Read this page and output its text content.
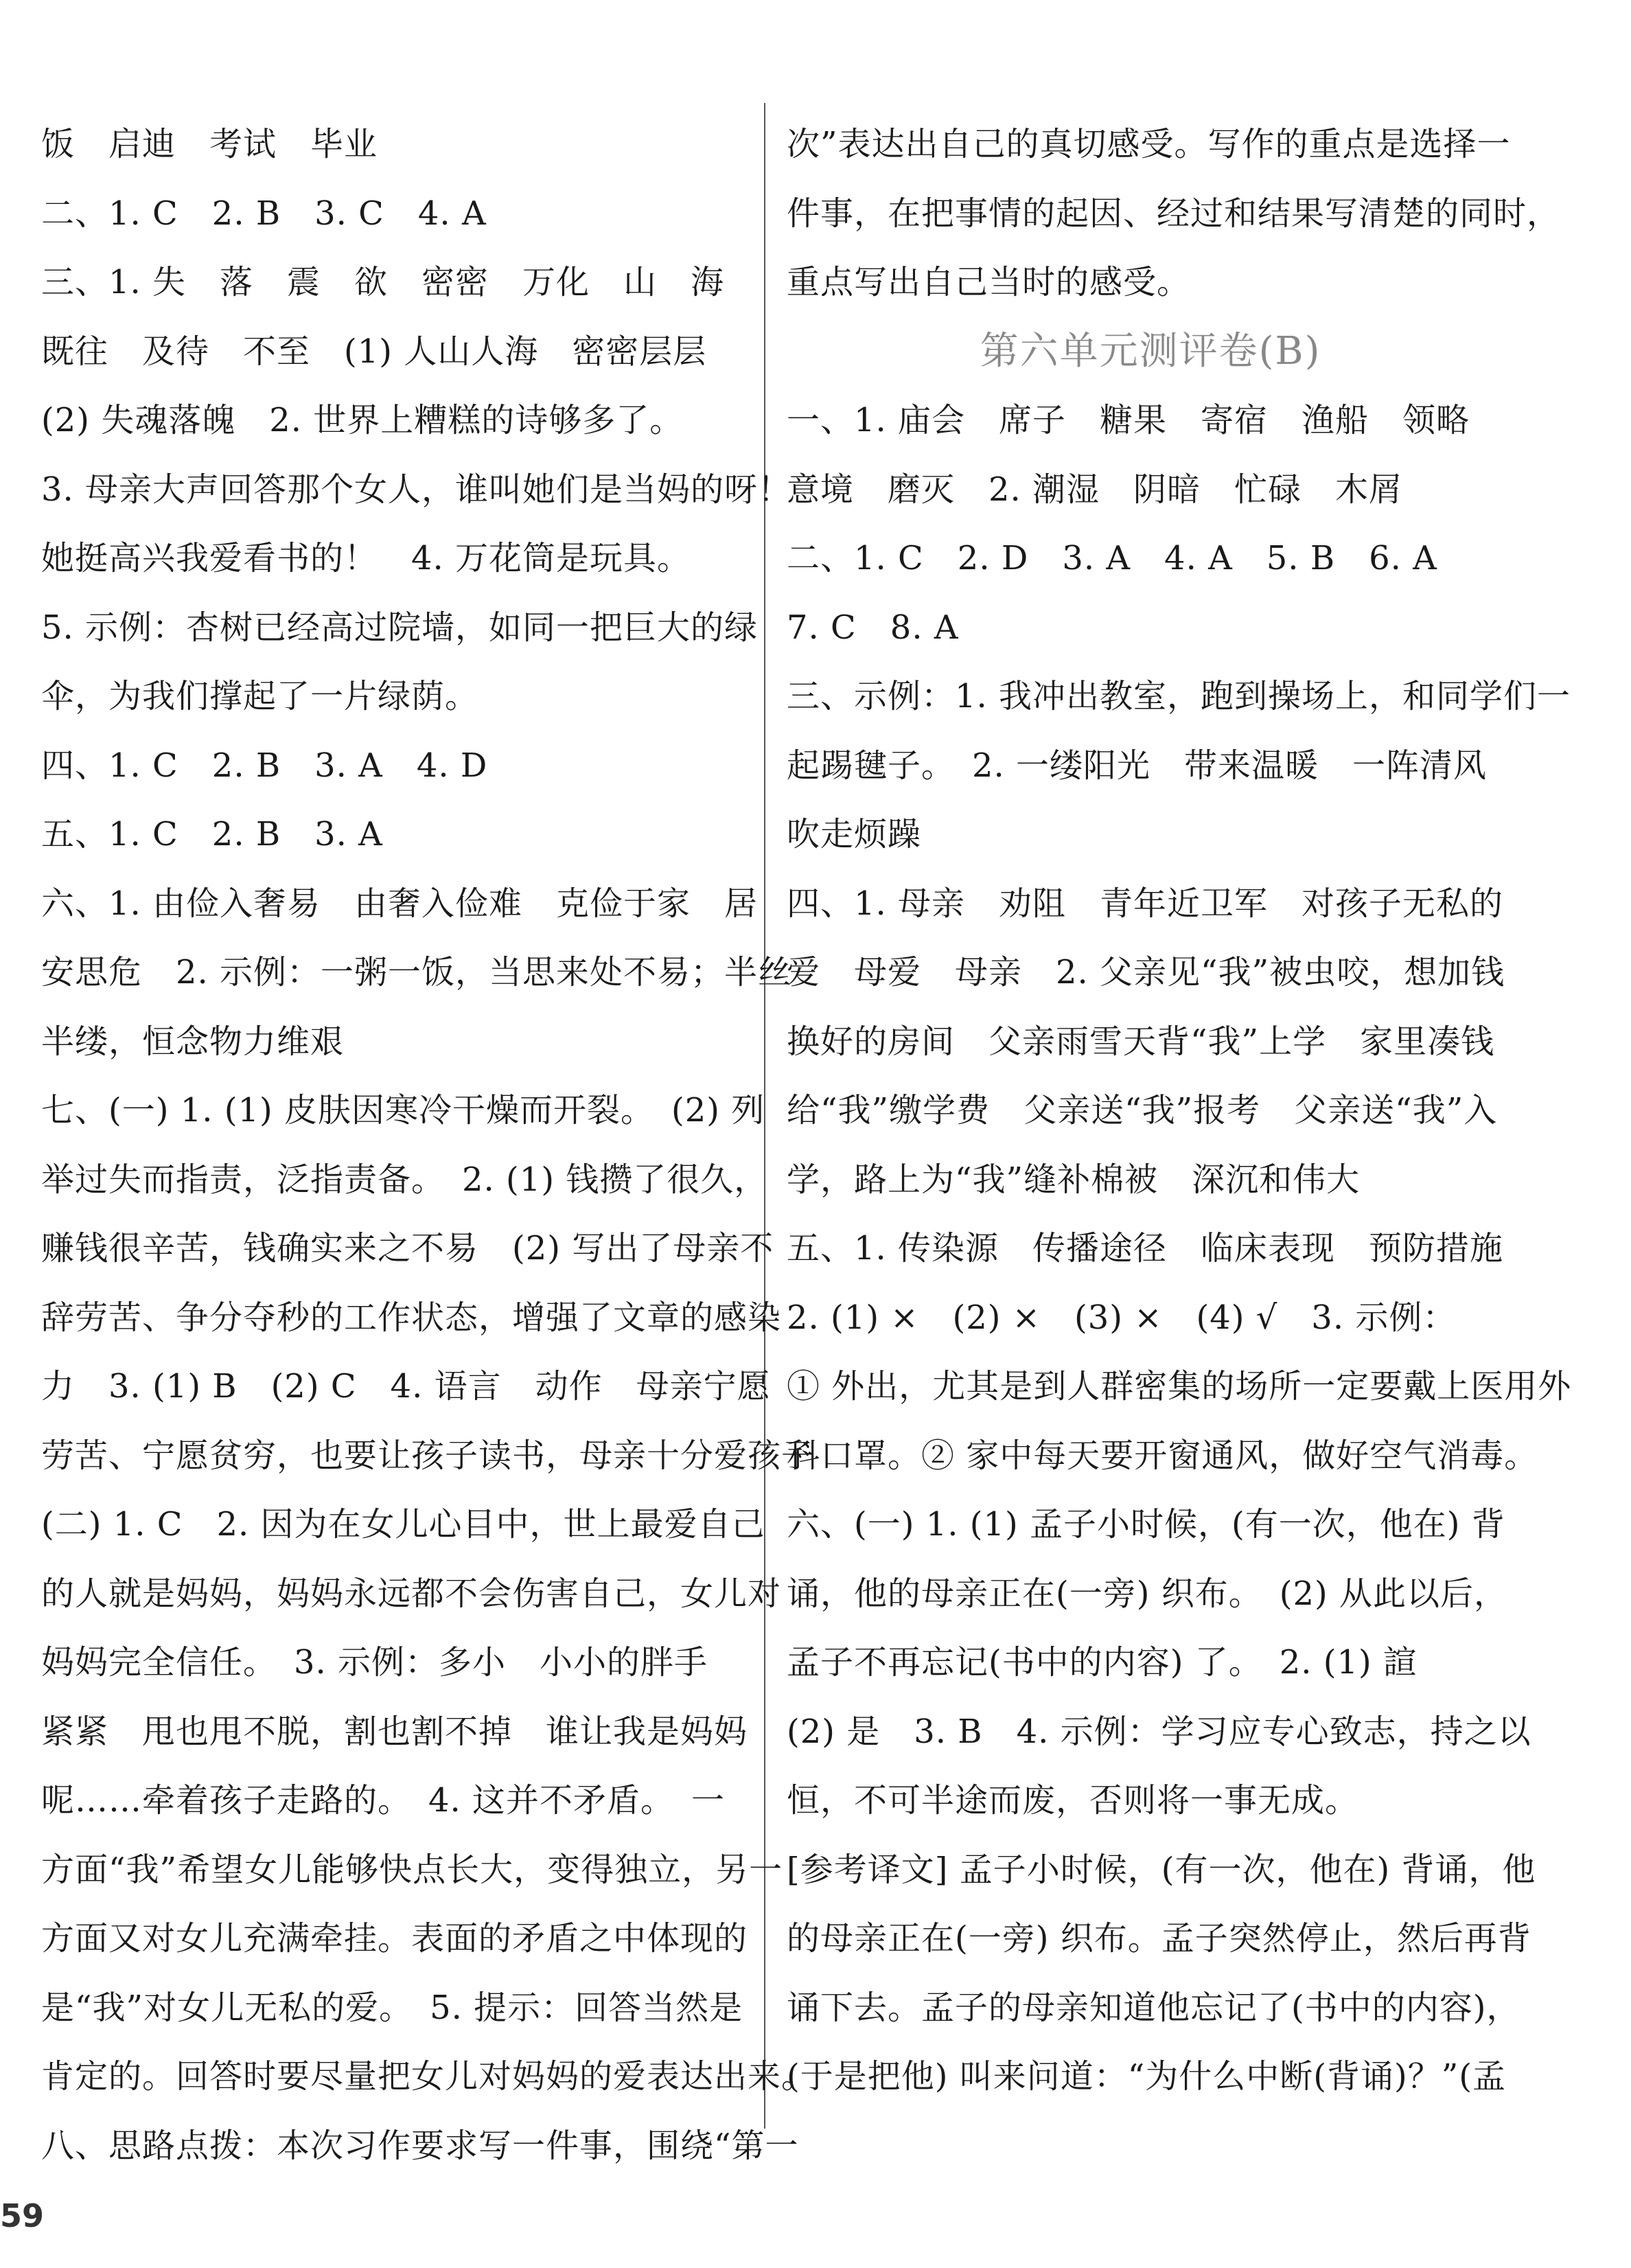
饭　启迪　考试　毕业
二、1. C　2. B　3. C　4. A
三、1. 失　落　震　欲　密密　万化　山　海
既往　及待　不至　(1) 人山人海　密密层层
(2) 失魂落魄　2. 世界上糟糕的诗够多了。
3. 母亲大声回答那个女人，谁叫她们是当妈的呀！
她挺高兴我爱看书的！　4. 万花筒是玩具。
5. 示例：杏树已经高过院墙，如同一把巨大的绿
伞，为我们撑起了一片绿荫。
四、1. C　2. B　3. A　4. D
五、1. C　2. B　3. A
六、1. 由俭入奢易　由奢入俭难　克俭于家　居
安思危　2. 示例：一粥一饭，当思来处不易；半丝
半缕，恒念物力维艰
七、(一) 1. (1) 皮肤因寒冷干燥而开裂。　(2) 列
举过失而指责，泛指责备。　2. (1) 钱攒了很久，
赚钱很辛苦，钱确实来之不易　(2) 写出了母亲不
辞劳苦、争分夺秒的工作状态，增强了文章的感染
力　3. (1) B　(2) C　4. 语言　动作　母亲宁愿
劳苦、宁愿贫穷，也要让孩子读书，母亲十分爱孩子
(二) 1. C　2. 因为在女儿心目中，世上最爱自己
的人就是妈妈，妈妈永远都不会伤害自己，女儿对
妈妈完全信任。　3. 示例：多小　小小的胖手
紧紧　甩也甩不脱，割也割不掉　谁让我是妈妈
呢……牵着孩子走路的。　4. 这并不矛盾。　一
方面“我”希望女儿能够快点长大，变得独立，另一
方面又对女儿充满牵挂。表面的矛盾之中体现的
是“我”对女儿无私的爱。　5. 提示：回答当然是
肯定的。回答时要尽量把女儿对妈妈的爱表达出来。
八、思路点拨：本次习作要求写一件事，围绕“第一
次”表达出自己的真切感受。写作的重点是选择一
件事，在把事情的起因、经过和结果写清楚的同时，
重点写出自己当时的感受。
第六单元测评卷(B)
一、1. 庙会　席子　糖果　寄宿　渔船　领略
意境　磨灭　2. 潮湿　阴暗　忙碌　木屑
二、1. C　2. D　3. A　4. A　5. B　6. A
7. C　8. A
三、示例：1. 我冲出教室，跑到操场上，和同学们一
起踢毽子。　2. 一缕阳光　带来温暖　一阵清风
吹走烦躁
四、1. 母亲　劝阻　青年近卫军　对孩子无私的
爱　母爱　母亲　2. 父亲见“我”被虫咬，想加钱
换好的房间　父亲雨雪天背“我”上学　家里凑钱
给“我”缴学费　父亲送“我”报考　父亲送“我”入
学，路上为“我”缝补棉被　深沉和伟大
五、1. 传染源　传播途径　临床表现　预防措施
2. (1) ×　(2) ×　(3) ×　(4) √　3. 示例：
① 外出，尤其是到人群密集的场所一定要戴上医用外
科口罩。② 家中每天要开窗通风，做好空气消毒。
六、(一) 1. (1) 孟子小时候，(有一次，他在) 背
诵，他的母亲正在(一旁) 织布。　(2) 从此以后，
孟子不再忘记(书中的内容) 了。　2. (1) 諠
(2) 是　3. B　4. 示例：学习应专心致志，持之以
恒，不可半途而废，否则将一事无成。
[参考译文] 孟子小时候，(有一次，他在) 背诵，他
的母亲正在(一旁) 织布。孟子突然停止，然后再背
诵下去。孟子的母亲知道他忘记了(书中的内容)，
(于是把他) 叫来问道：“为什么中断(背诵)？”(孟
59
